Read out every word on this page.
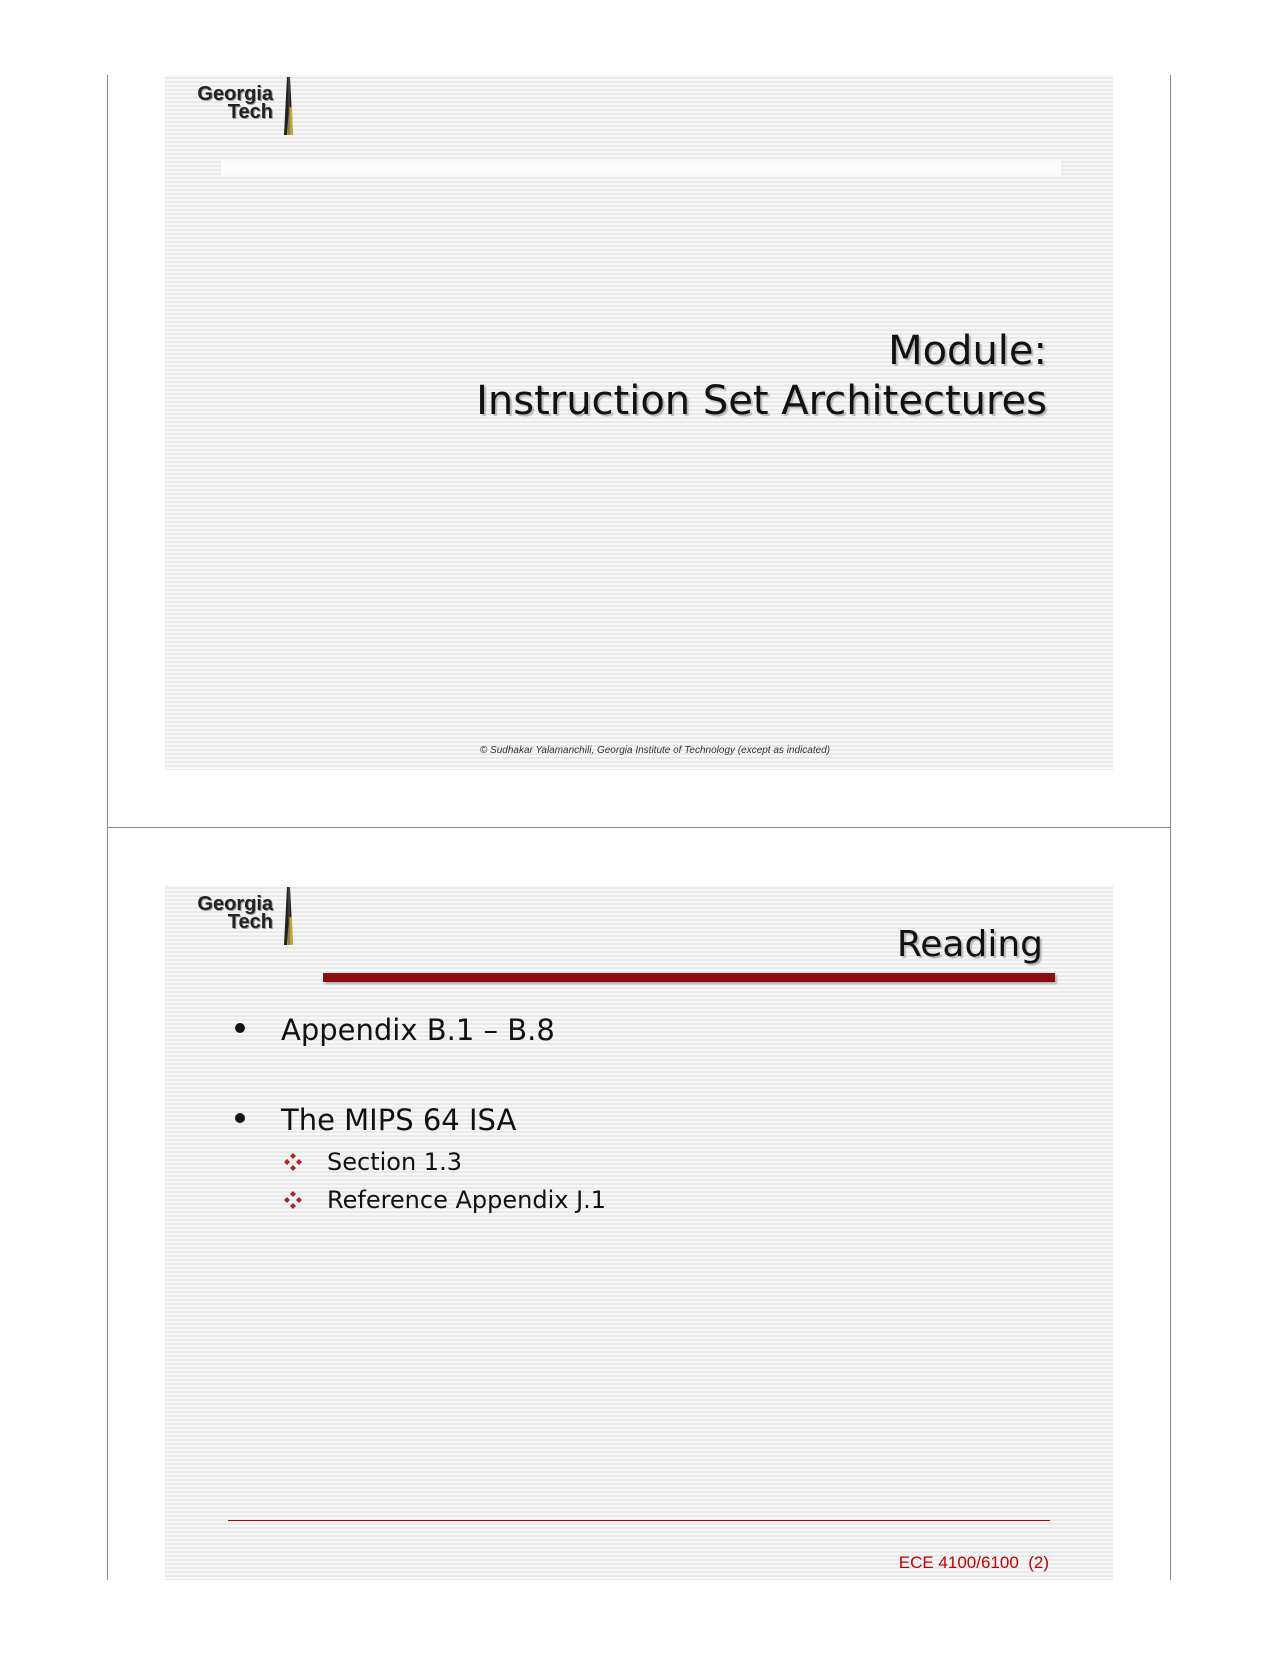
Georgia
Tech
Module:
Instruction Set Architectures
© Sudhakar Yalamanchili, Georgia Institute of Technology (except as indicated)
Georgia
Tech
Reading
Appendix B.1 – B.8
The MIPS 64 ISA
Section 1.3
Reference Appendix J.1
ECE 4100/6100  (2)
